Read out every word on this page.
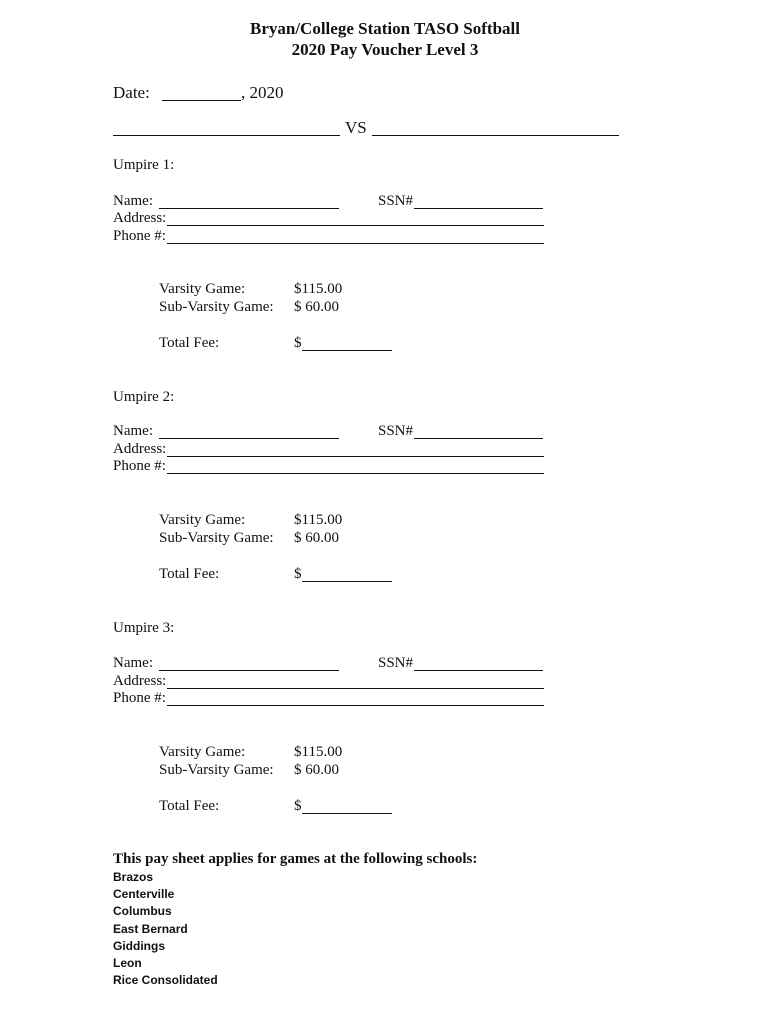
Bryan/College Station TASO Softball
2020 Pay Voucher Level 3
Date:	, 2020
VS
Umpire 1:
Name:	SSN#
Address:
Phone #:
Varsity Game:	$115.00
Sub-Varsity Game: $ 60.00
Total Fee:	$
Umpire 2:
Name:	SSN#
Address:
Phone #:
Varsity Game:	$115.00
Sub-Varsity Game: $ 60.00
Total Fee:	$
Umpire 3:
Name:	SSN#
Address:
Phone #:
Varsity Game:	$115.00
Sub-Varsity Game: $ 60.00
Total Fee:	$
This pay sheet applies for games at the following schools:
Brazos
Centerville
Columbus
East Bernard
Giddings
Leon
Rice Consolidated
